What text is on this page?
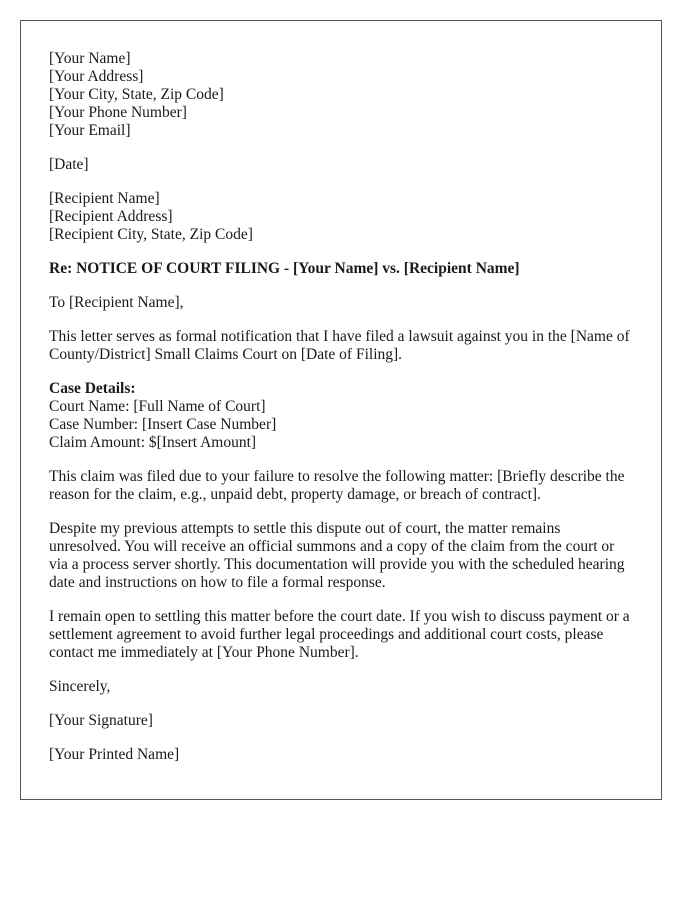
[Your Name]
[Your Address]
[Your City, State, Zip Code]
[Your Phone Number]
[Your Email]
[Date]
[Recipient Name]
[Recipient Address]
[Recipient City, State, Zip Code]
Re: NOTICE OF COURT FILING - [Your Name] vs. [Recipient Name]

To [Recipient Name],

This letter serves as formal notification that I have filed a lawsuit against you in the [Name of County/District] Small Claims Court on [Date of Filing].

Case Details:
Court Name: [Full Name of Court]
Case Number: [Insert Case Number]
Claim Amount: $[Insert Amount]

This claim was filed due to your failure to resolve the following matter: [Briefly describe the reason for the claim, e.g., unpaid debt, property damage, or breach of contract].

Despite my previous attempts to settle this dispute out of court, the matter remains unresolved. You will receive an official summons and a copy of the claim from the court or via a process server shortly. This documentation will provide you with the scheduled hearing date and instructions on how to file a formal response.

I remain open to settling this matter before the court date. If you wish to discuss payment or a settlement agreement to avoid further legal proceedings and additional court costs, please contact me immediately at [Your Phone Number].

Sincerely,

[Your Signature]

[Your Printed Name]
